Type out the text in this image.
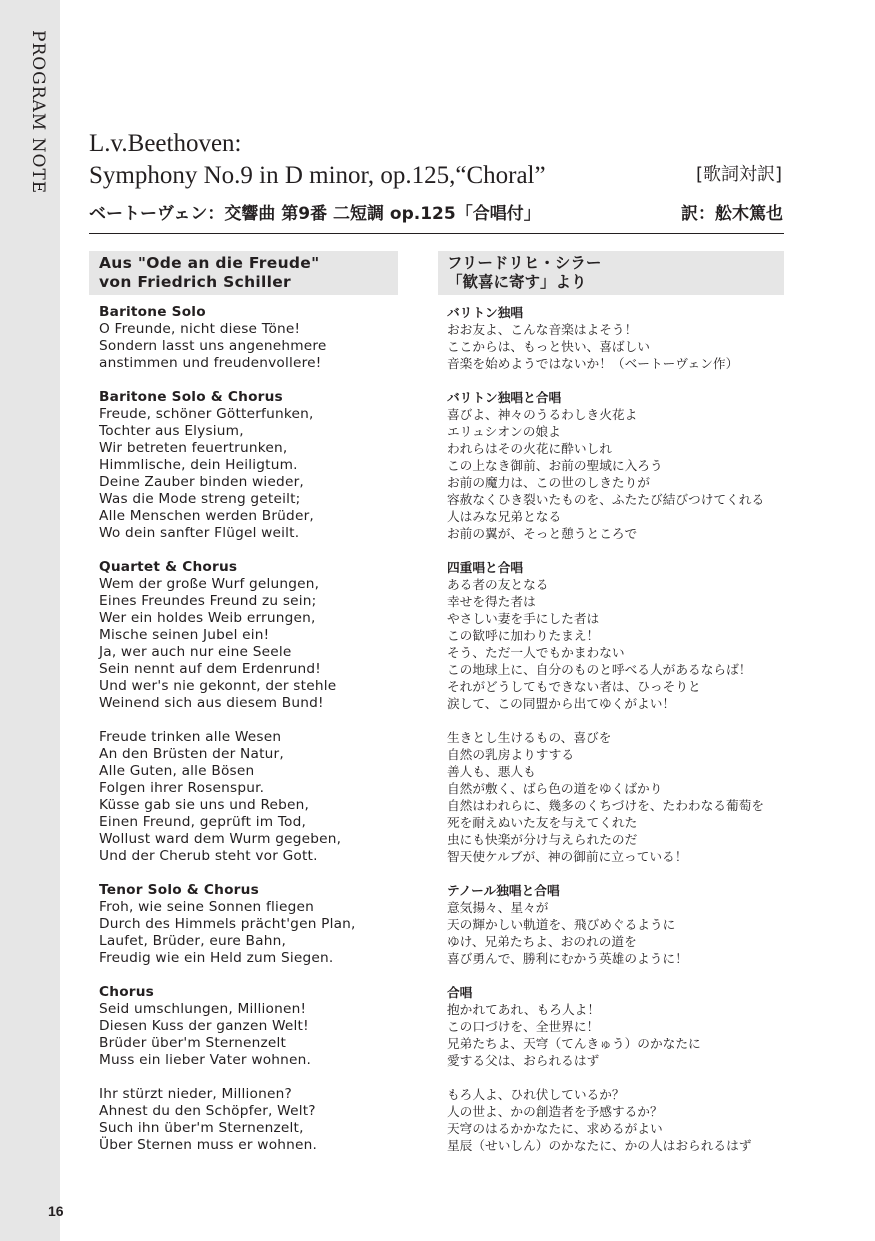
PROGRAM NOTE
16
L.v.Beethoven:
Symphony No.9 in D minor, op.125,“Choral”	[歌詞対訳]
ベートーヴェン：交響曲 第9番 二短調 op.125「合唱付」	訳：舩木篤也
Aus "Ode an die Freude"
von Friedrich Schiller
フリードリヒ・シラー
「歓喜に寄す」より
Baritone Solo
O Freunde, nicht diese Töne!
Sondern lasst uns angenehmere
anstimmen und freudenvollere!
Baritone Solo & Chorus
Freude, schöner Götterfunken,
Tochter aus Elysium,
Wir betreten feuertrunken,
Himmlische, dein Heiligtum.
Deine Zauber binden wieder,
Was die Mode streng geteilt;
Alle Menschen werden Brüder,
Wo dein sanfter Flügel weilt.
Quartet & Chorus
Wem der große Wurf gelungen,
Eines Freundes Freund zu sein;
Wer ein holdes Weib errungen,
Mische seinen Jubel ein!
Ja, wer auch nur eine Seele
Sein nennt auf dem Erdenrund!
Und wer's nie gekonnt, der stehle
Weinend sich aus diesem Bund!
Freude trinken alle Wesen
An den Brüsten der Natur,
Alle Guten, alle Bösen
Folgen ihrer Rosenspur.
Küsse gab sie uns und Reben,
Einen Freund, geprüft im Tod,
Wollust ward dem Wurm gegeben,
Und der Cherub steht vor Gott.
Tenor Solo & Chorus
Froh, wie seine Sonnen fliegen
Durch des Himmels prächt'gen Plan,
Laufet, Brüder, eure Bahn,
Freudig wie ein Held zum Siegen.
Chorus
Seid umschlungen, Millionen!
Diesen Kuss der ganzen Welt!
Brüder über'm Sternenzelt
Muss ein lieber Vater wohnen.
Ihr stürzt nieder, Millionen?
Ahnest du den Schöpfer, Welt?
Such ihn über'm Sternenzelt,
Über Sternen muss er wohnen.
バリトン独唱
おお友よ、こんな音楽はよそう！
ここからは、もっと快い、喜ばしい
音楽を始めようではないか！（ベートーヴェン作）
バリトン独唱と合唱
喜びよ、神々のうるわしき火花よ
エリュシオンの娘よ
われらはその火花に酔いしれ
この上なき御前、お前の聖域に入ろう
お前の魔力は、この世のしきたりが
容赦なくひき裂いたものを、ふたたび結びつけてくれる
人はみな兄弟となる
お前の翼が、そっと憩うところで
四重唱と合唱
ある者の友となる
幸せを得た者は
やさしい妻を手にした者は
この歓呼に加わりたまえ！
そう、ただ一人でもかまわない
この地球上に、自分のものと呼べる人があるならば！
それがどうしてもできない者は、ひっそりと
涙して、この同盟から出てゆくがよい！
生きとし生けるもの、喜びを
自然の乳房よりすする
善人も、悪人も
自然が敷く、ばら色の道をゆくばかり
自然はわれらに、幾多のくちづけを、たわわなる葡萄を
死を耐えぬいた友を与えてくれた
虫にも快楽が分け与えられたのだ
智天使ケルブが、神の御前に立っている！
テノール独唱と合唱
意気揚々、星々が
天の輝かしい軌道を、飛びめぐるように
ゆけ、兄弟たちよ、おのれの道を
喜び勇んで、勝利にむかう英雄のように！
合唱
抱かれてあれ、もろ人よ！
この口づけを、全世界に！
兄弟たちよ、天穹（てんきゅう）のかなたに
愛する父は、おられるはず
もろ人よ、ひれ伏しているか？
人の世よ、かの創造者を予感するか？
天穹のはるかかなたに、求めるがよい
星辰（せいしん）のかなたに、かの人はおられるはず
